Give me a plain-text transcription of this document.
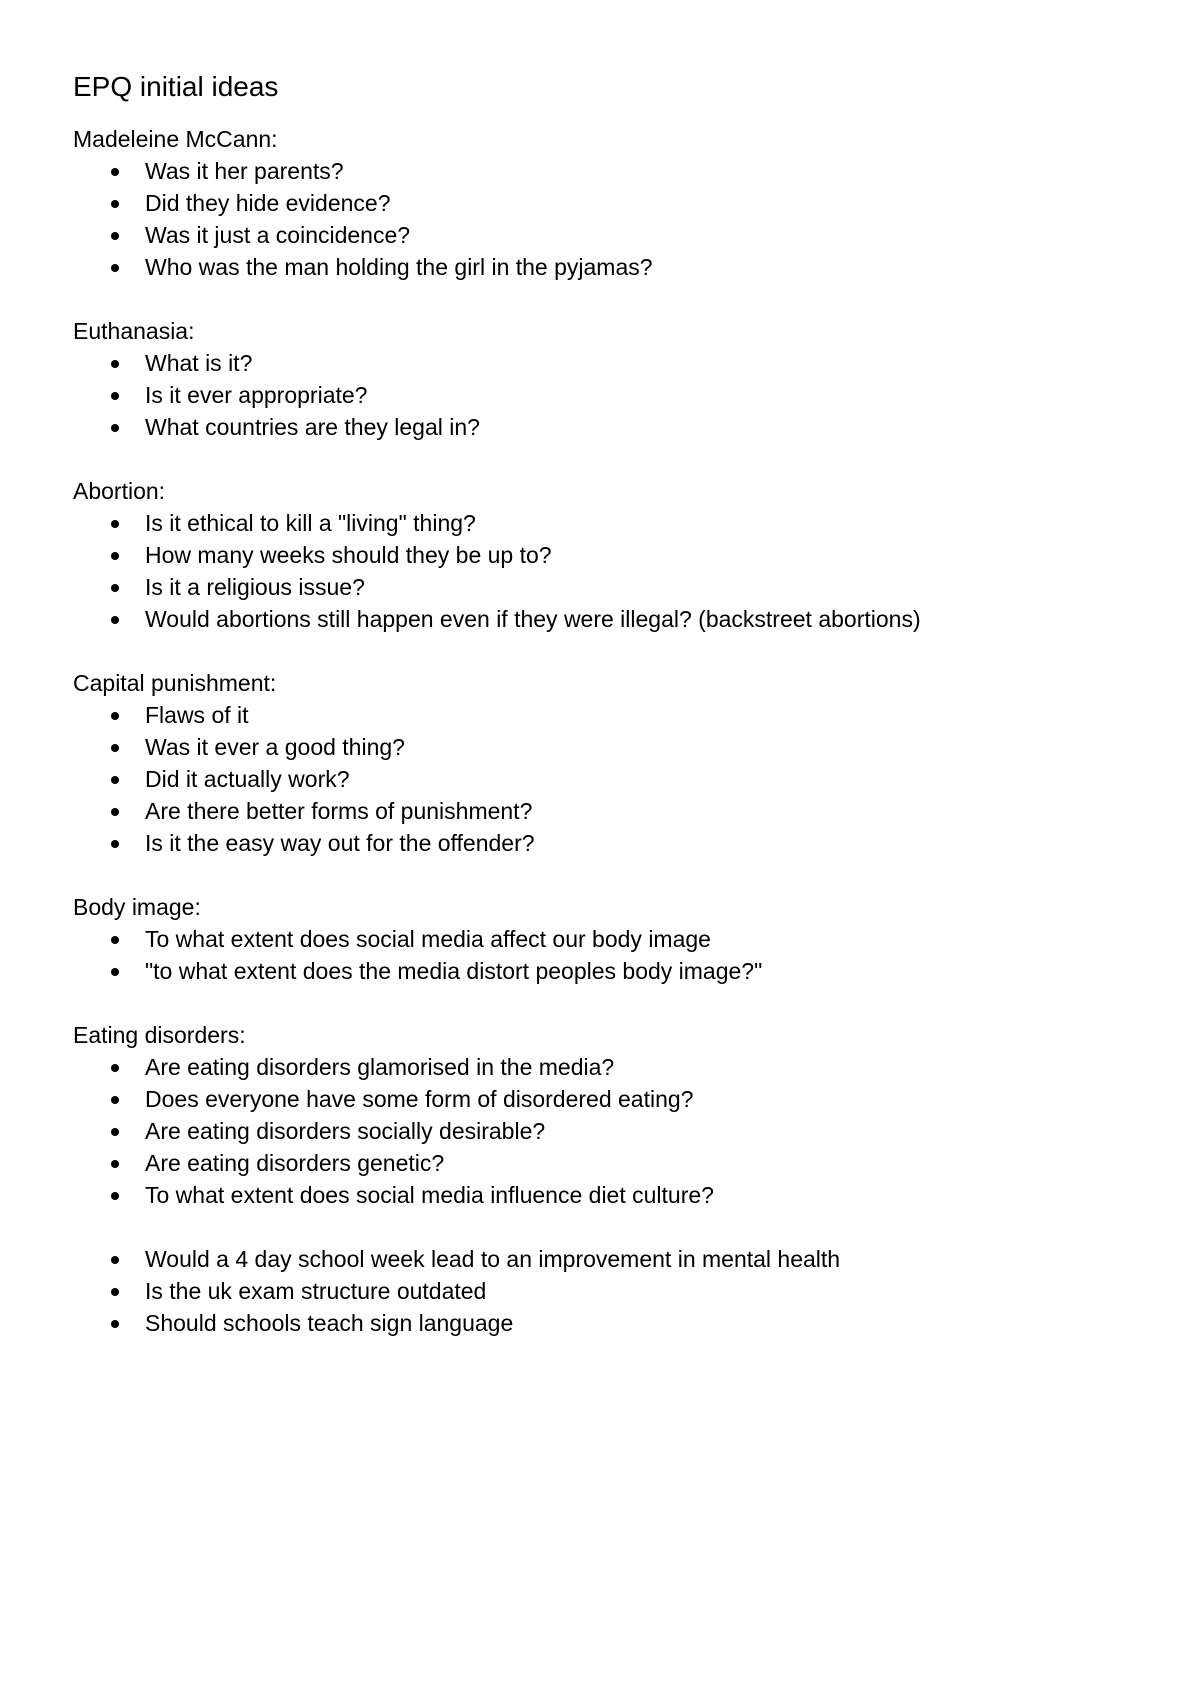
EPQ initial ideas

Madeleine McCann:

Was it her parents?
Did they hide evidence?
Was it just a coincidence?
Who was the man holding the girl in the pyjamas?

Euthanasia:

What is it?
Is it ever appropriate?
What countries are they legal in?

Abortion:

Is it ethical to kill a "living" thing?
How many weeks should they be up to?
Is it a religious issue?
Would abortions still happen even if they were illegal? (backstreet abortions)

Capital punishment:

Flaws of it
Was it ever a good thing?
Did it actually work?
Are there better forms of punishment?
Is it the easy way out for the offender?

Body image:

To what extent does social media affect our body image
"to what extent does the media distort peoples body image?"

Eating disorders:

Are eating disorders glamorised in the media?
Does everyone have some form of disordered eating?
Are eating disorders socially desirable?
Are eating disorders genetic?
To what extent does social media influence diet culture?
Would a 4 day school week lead to an improvement in mental health
Is the uk exam structure outdated
Should schools teach sign language
